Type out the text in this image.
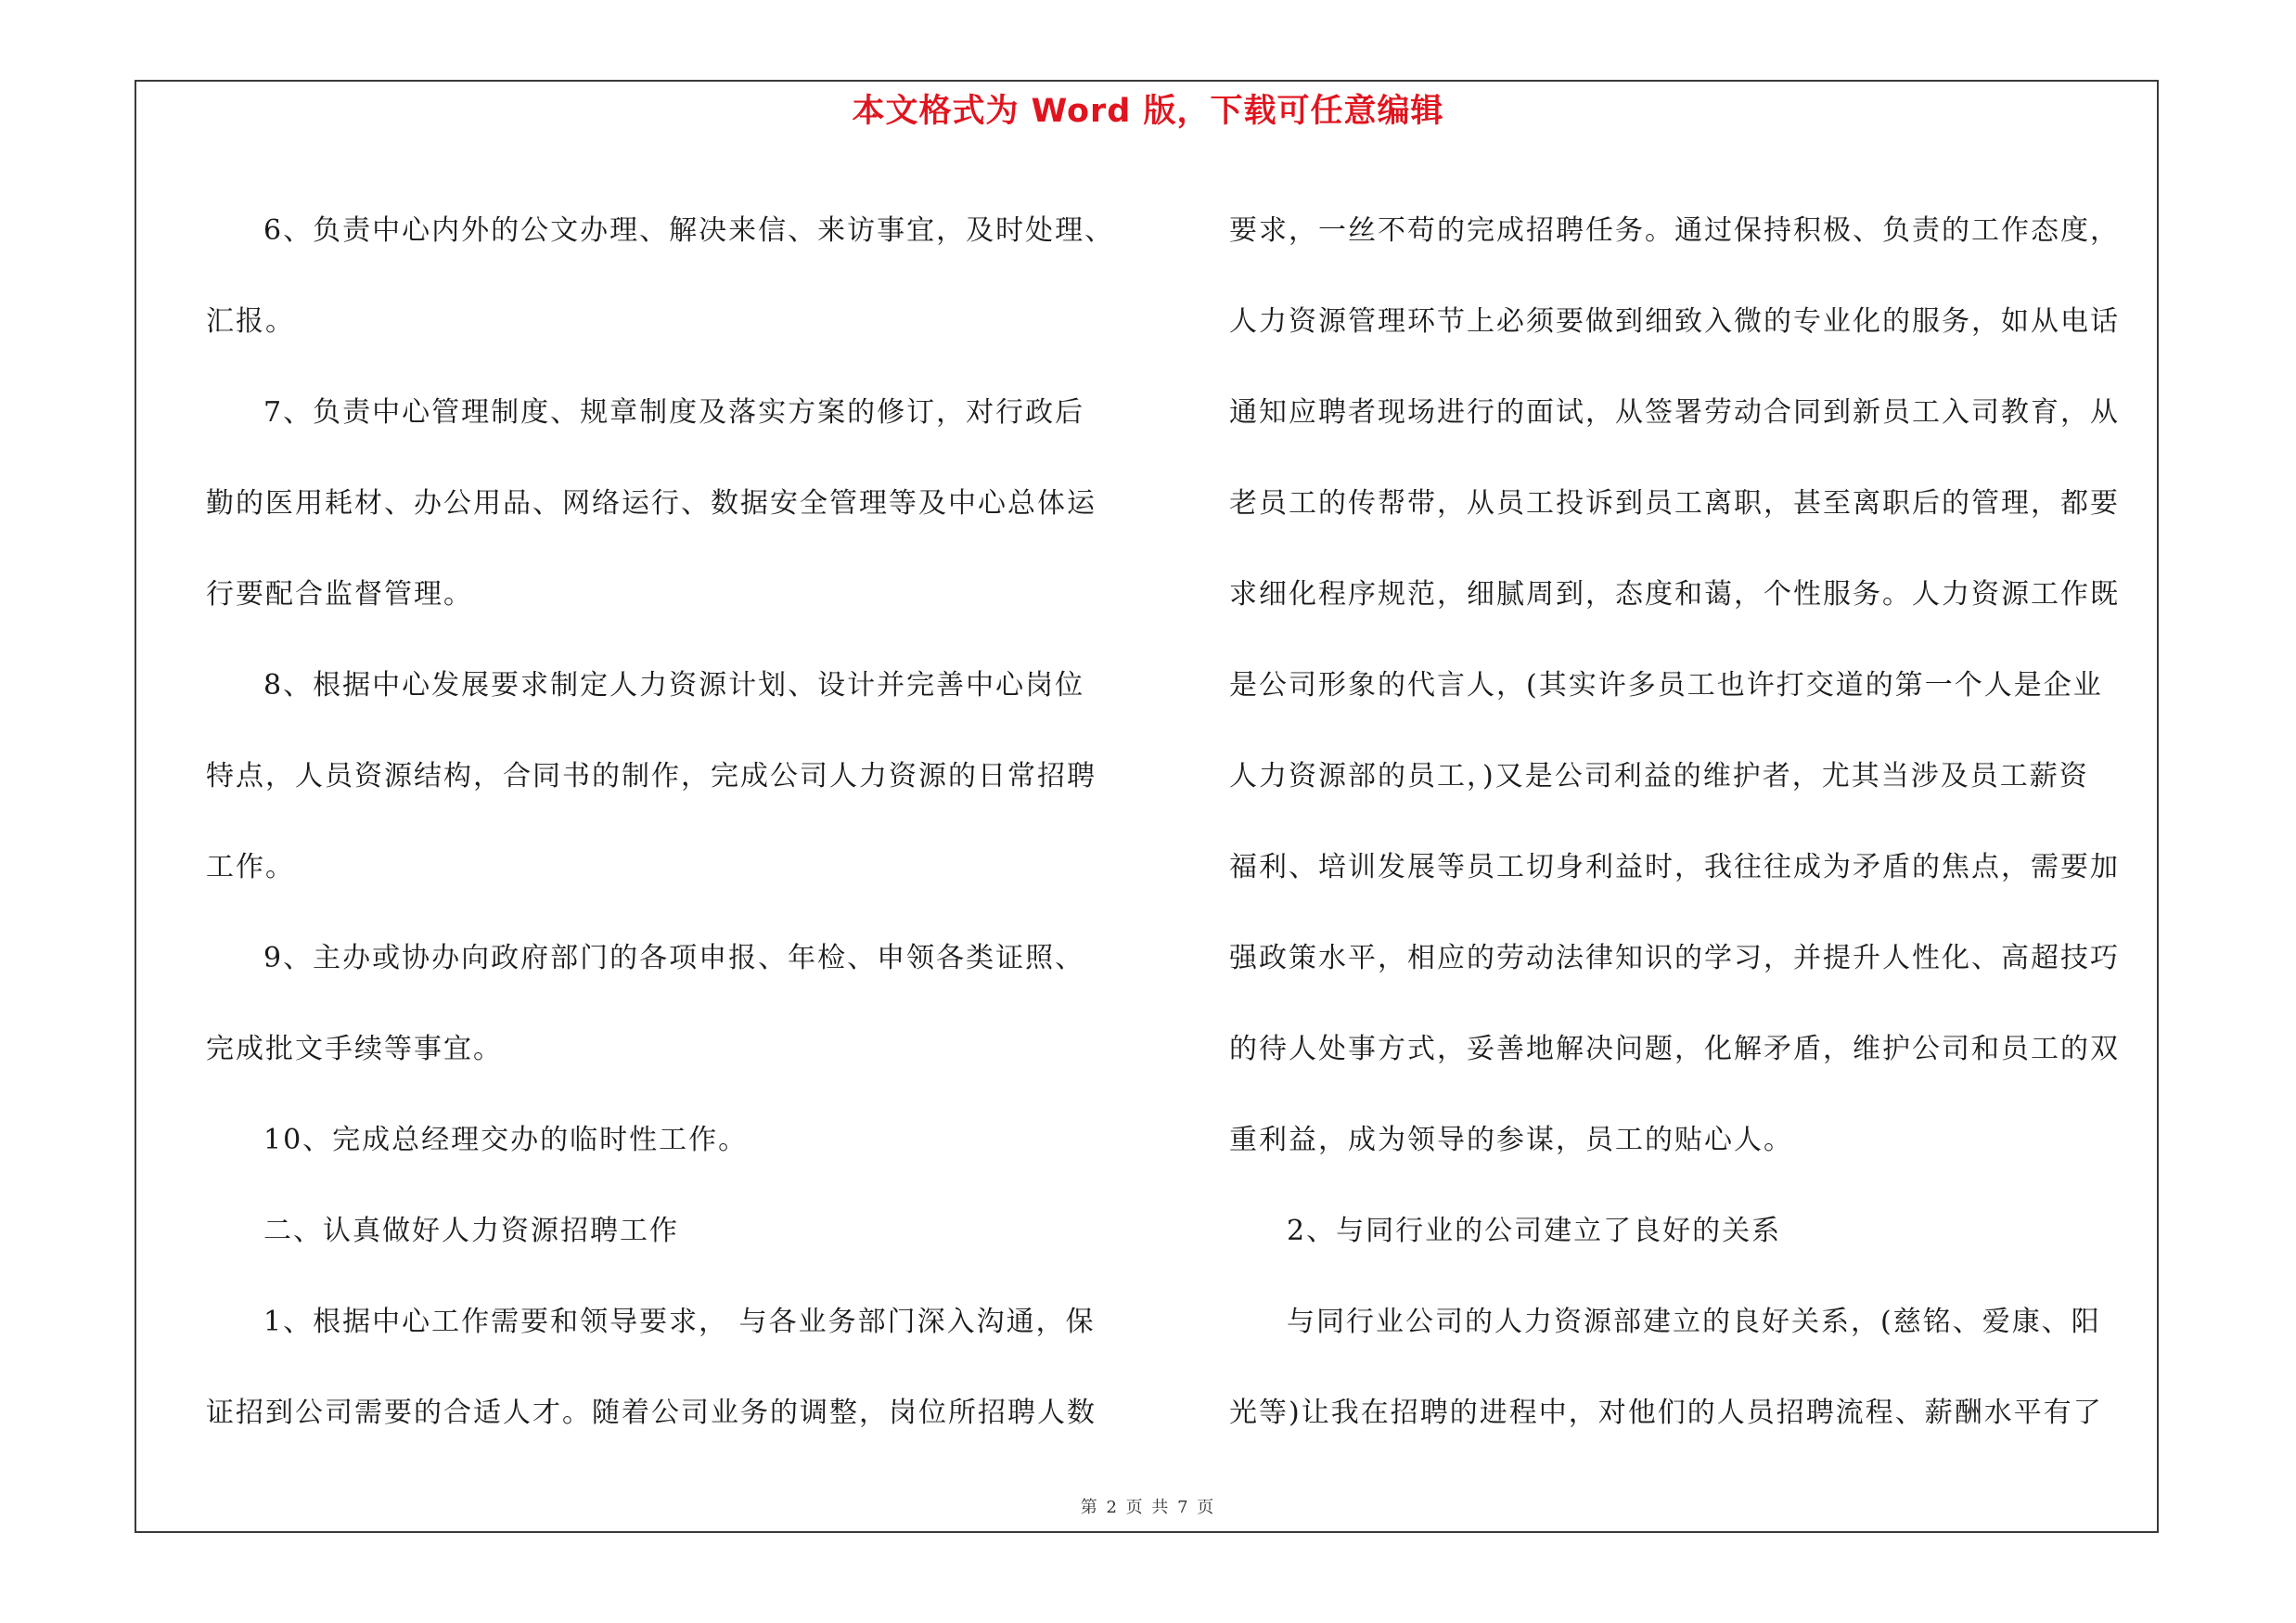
本文格式为 Word 版，下载可任意编辑
6、负责中心内外的公文办理、解决来信、来访事宜，及时处理、
汇报。
7、负责中心管理制度、规章制度及落实方案的修订，对行政后
勤的医用耗材、办公用品、网络运行、数据安全管理等及中心总体运
行要配合监督管理。
8、根据中心发展要求制定人力资源计划、设计并完善中心岗位
特点，人员资源结构，合同书的制作，完成公司人力资源的日常招聘
工作。
9、主办或协办向政府部门的各项申报、年检、申领各类证照、
完成批文手续等事宜。
10、完成总经理交办的临时性工作。
二、认真做好人力资源招聘工作
1、根据中心工作需要和领导要求， 与各业务部门深入沟通，保
证招到公司需要的合适人才。随着公司业务的调整，岗位所招聘人数
要求，一丝不苟的完成招聘任务。通过保持积极、负责的工作态度，
人力资源管理环节上必须要做到细致入微的专业化的服务，如从电话
通知应聘者现场进行的面试，从签署劳动合同到新员工入司教育，从
老员工的传帮带，从员工投诉到员工离职，甚至离职后的管理，都要
求细化程序规范，细腻周到，态度和蔼，个性服务。人力资源工作既
是公司形象的代言人，(其实许多员工也许打交道的第一个人是企业
人力资源部的员工，)又是公司利益的维护者，尤其当涉及员工薪资
福利、培训发展等员工切身利益时，我往往成为矛盾的焦点，需要加
强政策水平，相应的劳动法律知识的学习，并提升人性化、高超技巧
的待人处事方式，妥善地解决问题，化解矛盾，维护公司和员工的双
重利益，成为领导的参谋，员工的贴心人。
2、与同行业的公司建立了良好的关系
与同行业公司的人力资源部建立的良好关系，(慈铭、爱康、阳
光等)让我在招聘的进程中，对他们的人员招聘流程、薪酬水平有了
第 2 页 共 7 页
